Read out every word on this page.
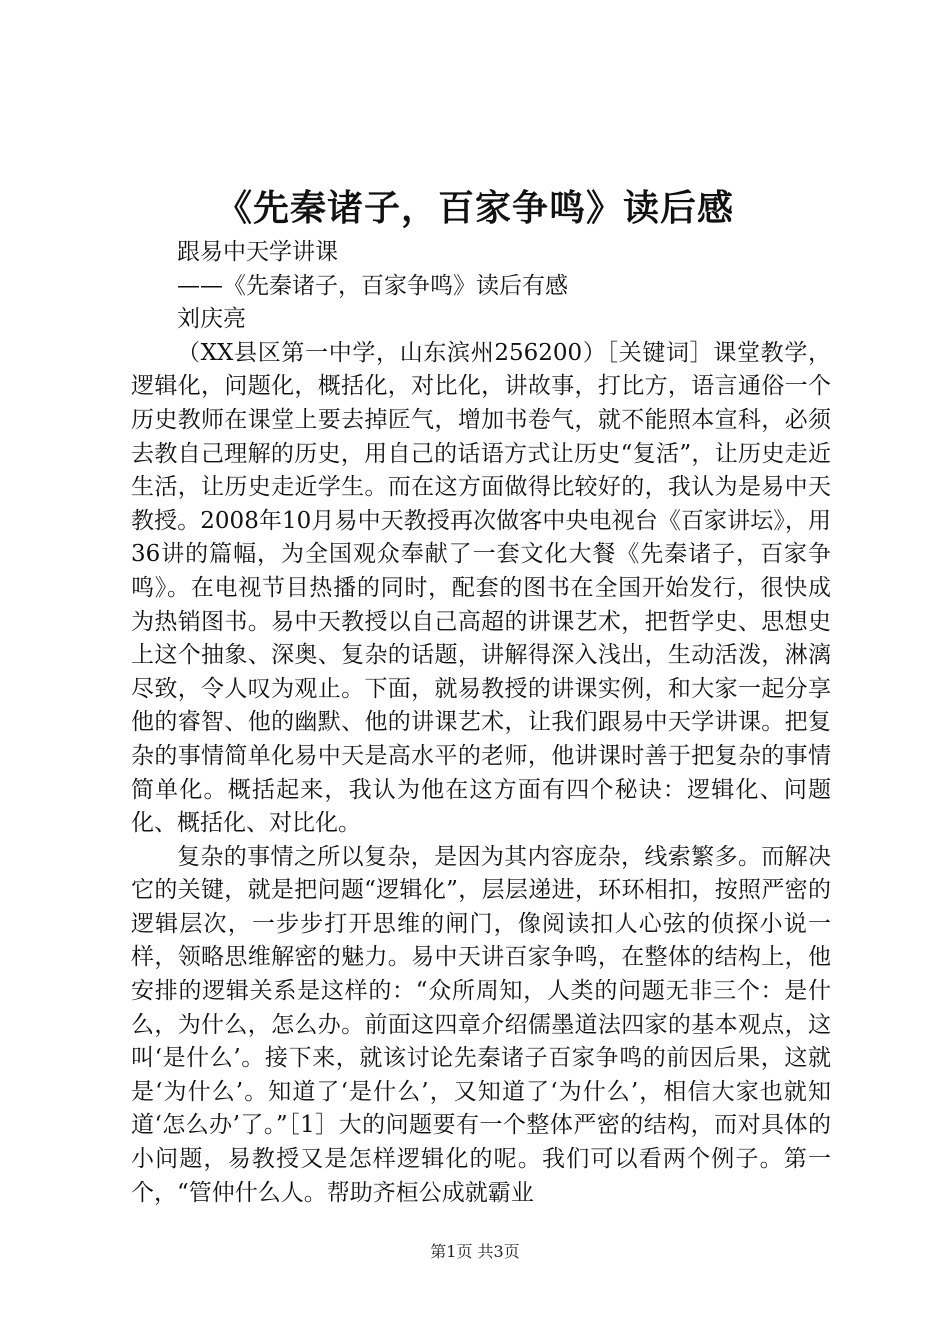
《先秦诸子，百家争鸣》读后感

跟易中天学讲课

——《先秦诸子，百家争鸣》读后有感

刘庆亮

（XX县区第一中学，山东滨州256200）［关键词］课堂教学，逻辑化，问题化，概括化，对比化，讲故事，打比方，语言通俗一个历史教师在课堂上要去掉匠气，增加书卷气，就不能照本宣科，必须去教自己理解的历史，用自己的话语方式让历史“复活”，让历史走近生活，让历史走近学生。而在这方面做得比较好的，我认为是易中天教授。2008年10月易中天教授再次做客中央电视台《百家讲坛》，用36讲的篇幅，为全国观众奉献了一套文化大餐《先秦诸子，百家争鸣》。在电视节目热播的同时，配套的图书在全国开始发行，很快成为热销图书。易中天教授以自己高超的讲课艺术，把哲学史、思想史上这个抽象、深奥、复杂的话题，讲解得深入浅出，生动活泼，淋漓尽致，令人叹为观止。下面，就易教授的讲课实例，和大家一起分享他的睿智、他的幽默、他的讲课艺术，让我们跟易中天学讲课。把复杂的事情简单化易中天是高水平的老师，他讲课时善于把复杂的事情简单化。概括起来，我认为他在这方面有四个秘诀：逻辑化、问题化、概括化、对比化。

复杂的事情之所以复杂，是因为其内容庞杂，线索繁多。而解决它的关键，就是把问题“逻辑化”，层层递进，环环相扣，按照严密的逻辑层次，一步步打开思维的闸门，像阅读扣人心弦的侦探小说一样，领略思维解密的魅力。易中天讲百家争鸣，在整体的结构上，他安排的逻辑关系是这样的：“众所周知，人类的问题无非三个：是什么，为什么，怎么办。前面这四章介绍儒墨道法四家的基本观点，这叫‘是什么’。接下来，就该讨论先秦诸子百家争鸣的前因后果，这就是‘为什么’。知道了‘是什么’，又知道了‘为什么’，相信大家也就知道‘怎么办’了。”［1］大的问题要有一个整体严密的结构，而对具体的小问题，易教授又是怎样逻辑化的呢。我们可以看两个例子。第一个，“管仲什么人。帮助齐桓公成就霸业

第1页 共3页
